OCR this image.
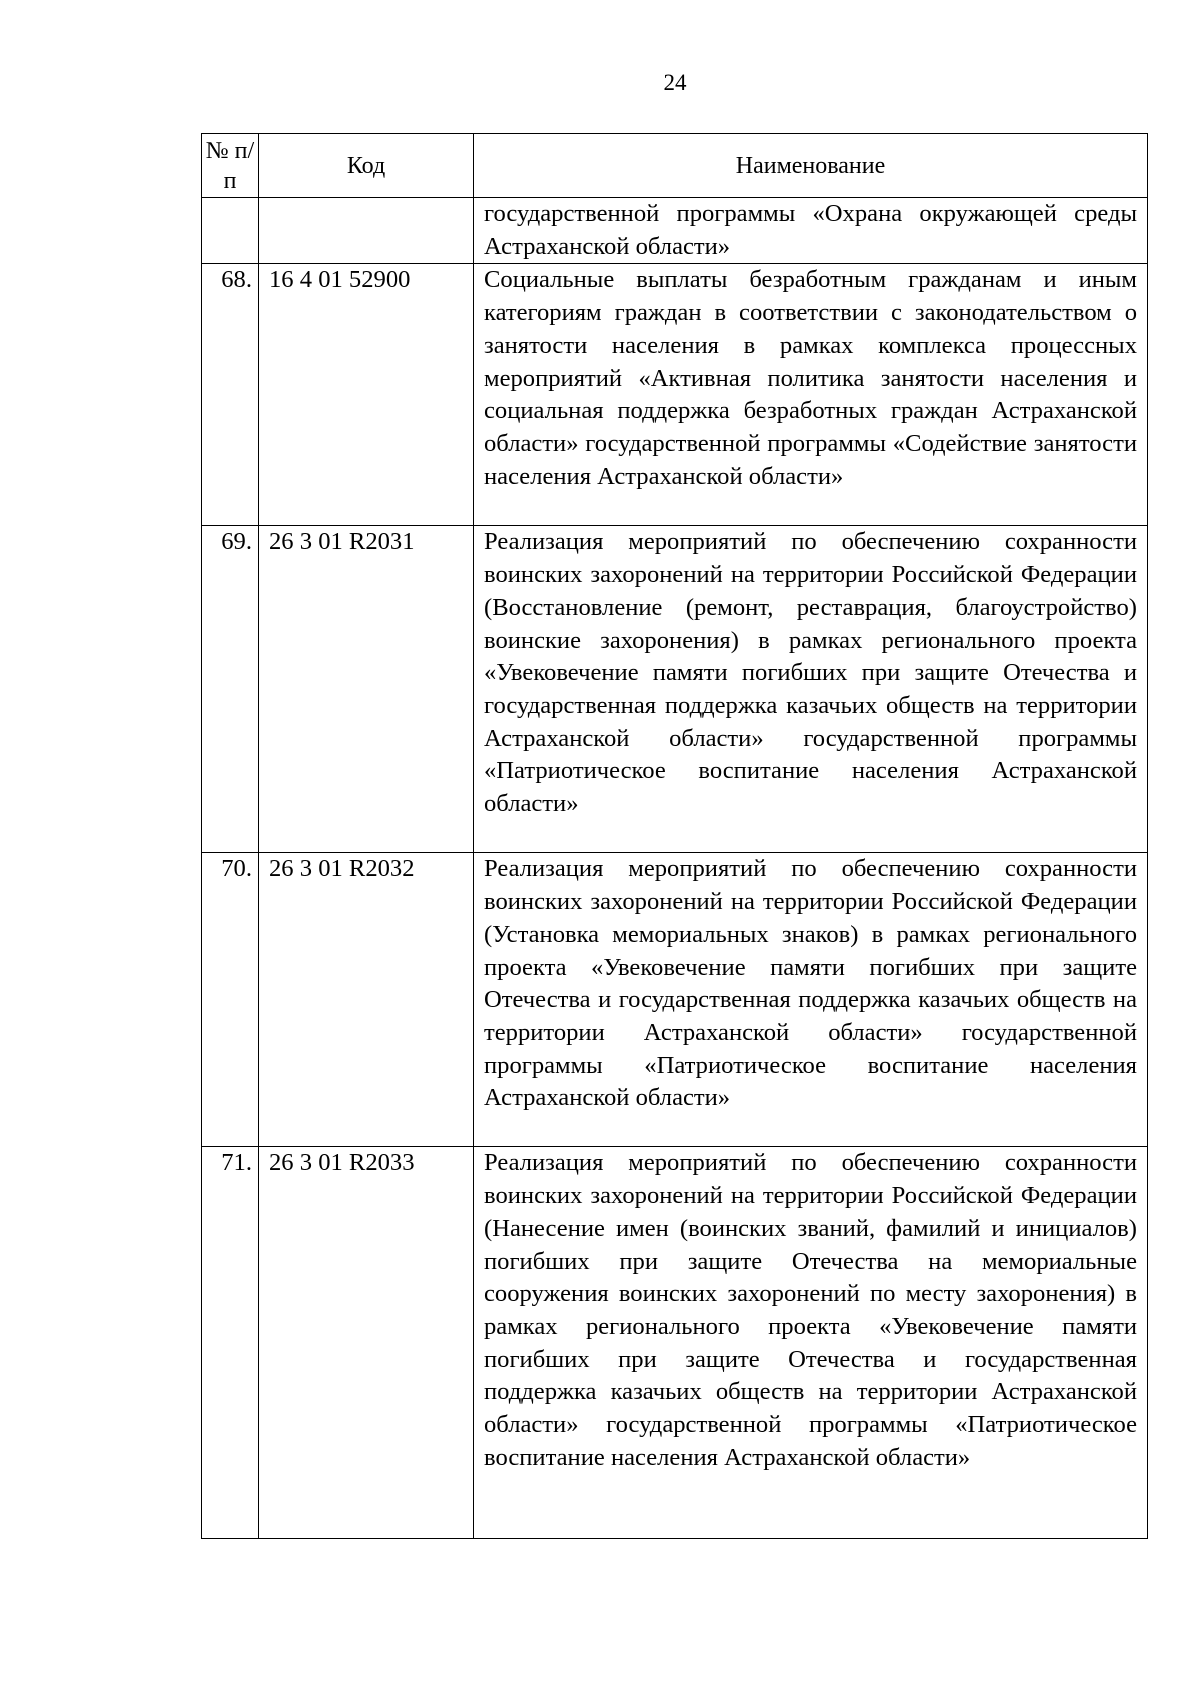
24
№ п/п	Код	Наименование
		государственной программы «Охрана окружающей среды Астраханской области»
68.	16 4 01 52900	Социальные выплаты безработным гражданам и иным категориям граждан в соответствии с законодательством о занятости населения в рамках комплекса процессных мероприятий «Активная политика занятости населения и социальная поддержка безработных граждан Астраханской области» государственной программы «Содействие занятости населения Астраханской области»
69.	26 3 01 R2031	Реализация мероприятий по обеспечению сохранности воинских захоронений на территории Российской Федерации (Восстановление (ремонт, реставрация, благоустройство) воинские захоронения) в рамках регионального проекта «Увековечение памяти погибших при защите Отечества и государственная поддержка казачьих обществ на территории Астраханской области» государственной программы «Патриотическое воспитание населения Астраханской области»
70.	26 3 01 R2032	Реализация мероприятий по обеспечению сохранности воинских захоронений на территории Российской Федерации (Установка мемориальных знаков) в рамках регионального проекта «Увековечение памяти погибших при защите Отечества и государственная поддержка казачьих обществ на территории Астраханской области» государственной программы «Патриотическое воспитание населения Астраханской области»
71.	26 3 01 R2033	Реализация мероприятий по обеспечению сохранности воинских захоронений на территории Российской Федерации (Нанесение имен (воинских званий, фамилий и инициалов) погибших при защите Отечества на мемориальные сооружения воинских захоронений по месту захоронения) в рамках регионального проекта «Увековечение памяти погибших при защите Отечества и государственная поддержка казачьих обществ на территории Астраханской области» государственной программы «Патриотическое воспитание населения Астраханской области»
